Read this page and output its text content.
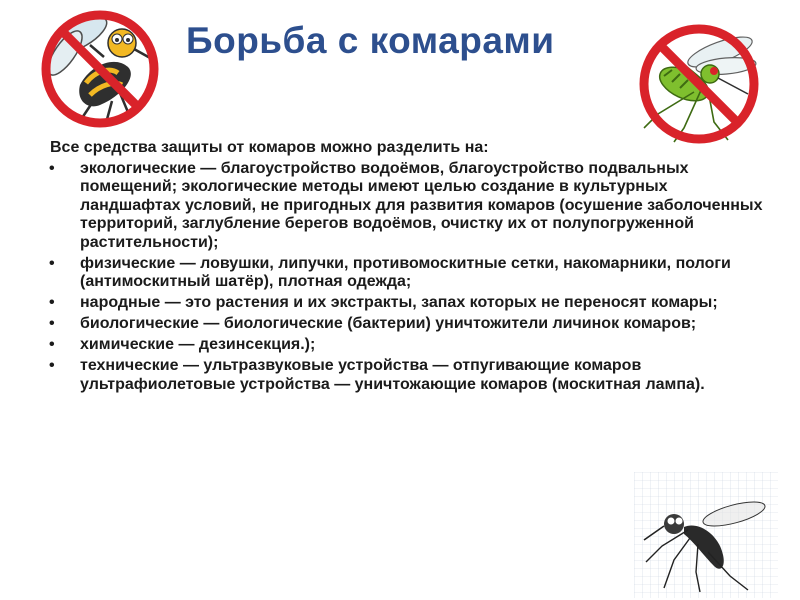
Борьба с комарами

Все средства защиты от комаров можно разделить на:

• экологические — благоустройство водоёмов, благоустройство подвальных помещений; экологические методы имеют целью создание в культурных ландшафтах условий, не пригодных для развития комаров (осушение заболоченных территорий, заглубление берегов водоёмов, очистку их от полупогруженной растительности);
• физические — ловушки, липучки, противомоскитные сетки, накомарники, пологи (антимоскитный шатёр), плотная одежда;
• народные — это растения и их экстракты, запах которых не переносят комары;
• биологические — биологические (бактерии) уничтожители личинок комаров;
• химические — дезинсекция.);
• технические — ультразвуковые устройства — отпугивающие комаров ультрафиолетовые устройства — уничтожающие комаров (москитная лампа).
